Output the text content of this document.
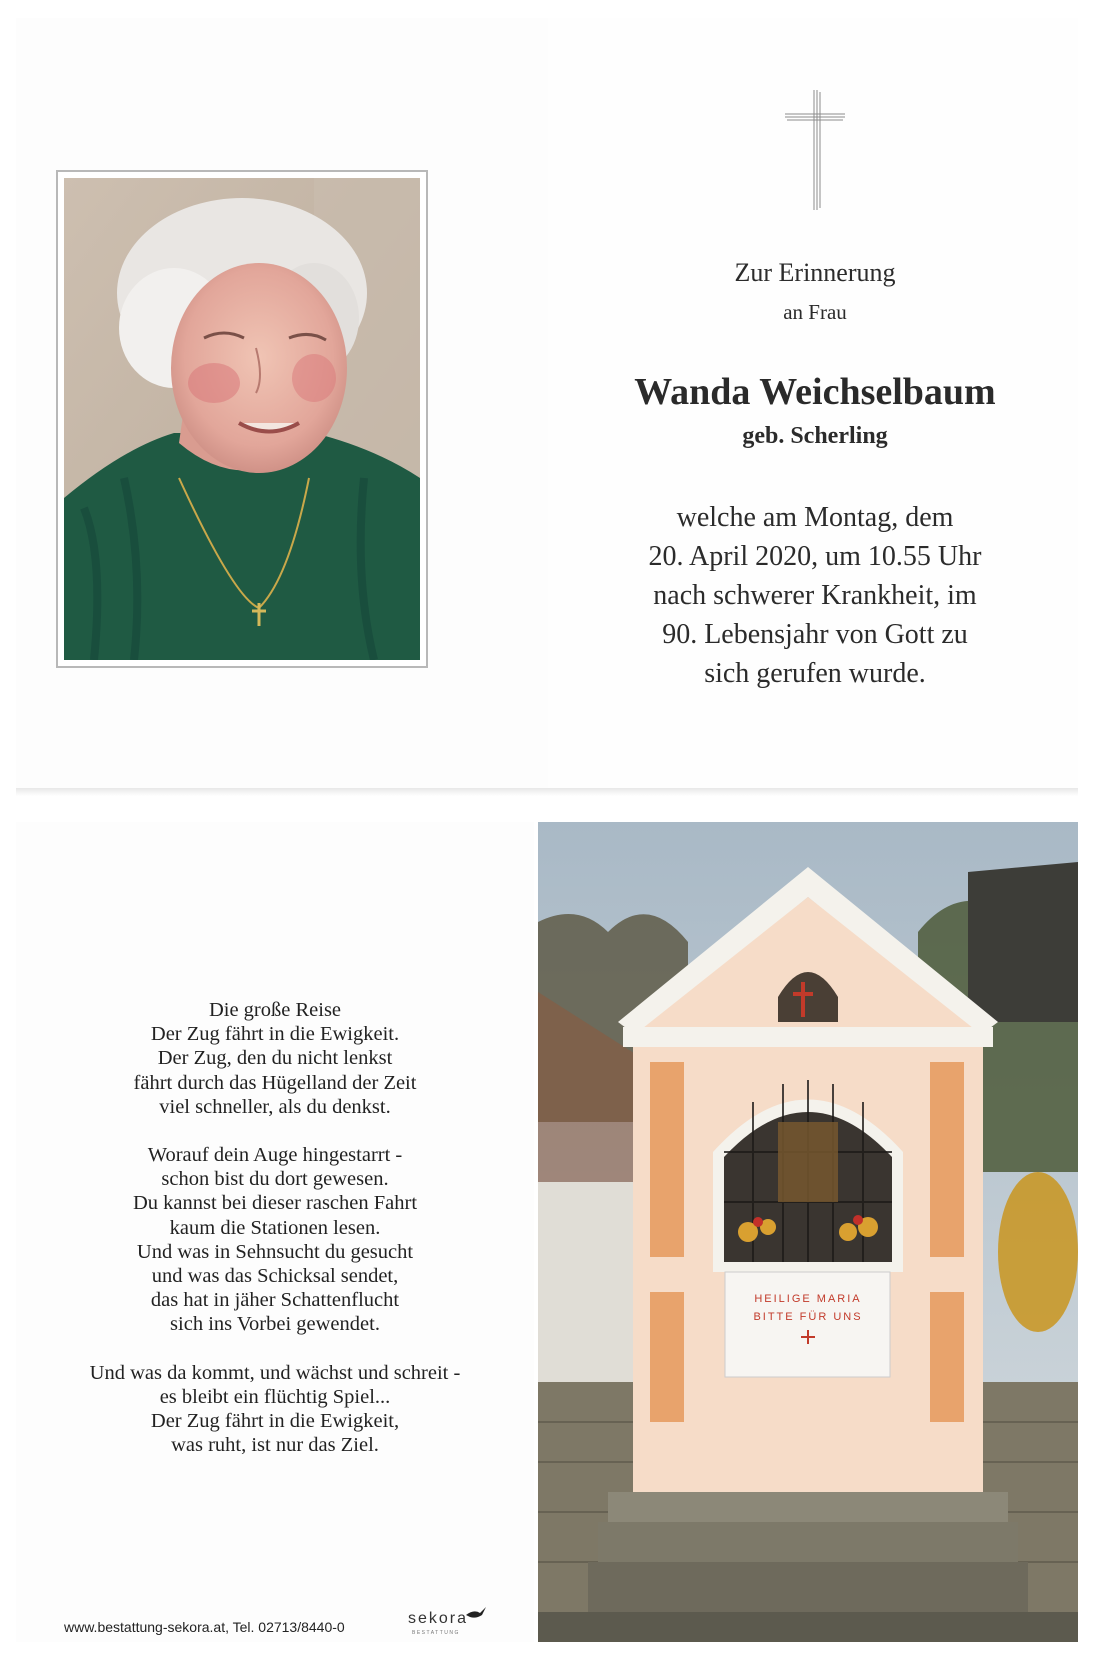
Zur Erinnerung
an Frau
Wanda Weichselbaum
geb. Scherling
welche am Montag, dem
20. April 2020, um 10.55 Uhr
nach schwerer Krankheit, im
90. Lebensjahr von Gott zu
sich gerufen wurde.
Die große Reise
Der Zug fährt in die Ewigkeit.
Der Zug, den du nicht lenkst
fährt durch das Hügelland der Zeit
viel schneller, als du denkst.
Worauf dein Auge hingestarrt -
schon bist du dort gewesen.
Du kannst bei dieser raschen Fahrt
kaum die Stationen lesen.
Und was in Sehnsucht du gesucht
und was das Schicksal sendet,
das hat in jäher Schattenflucht
sich ins Vorbei gewendet.
Und was da kommt, und wächst und schreit -
es bleibt ein flüchtig Spiel...
Der Zug fährt in die Ewigkeit,
was ruht, ist nur das Ziel.
www.bestattung-sekora.at, Tel. 02713/8440-0	sekora
BESTATTUNG
HEILIGE MARIA
BITTE FÜR UNS
